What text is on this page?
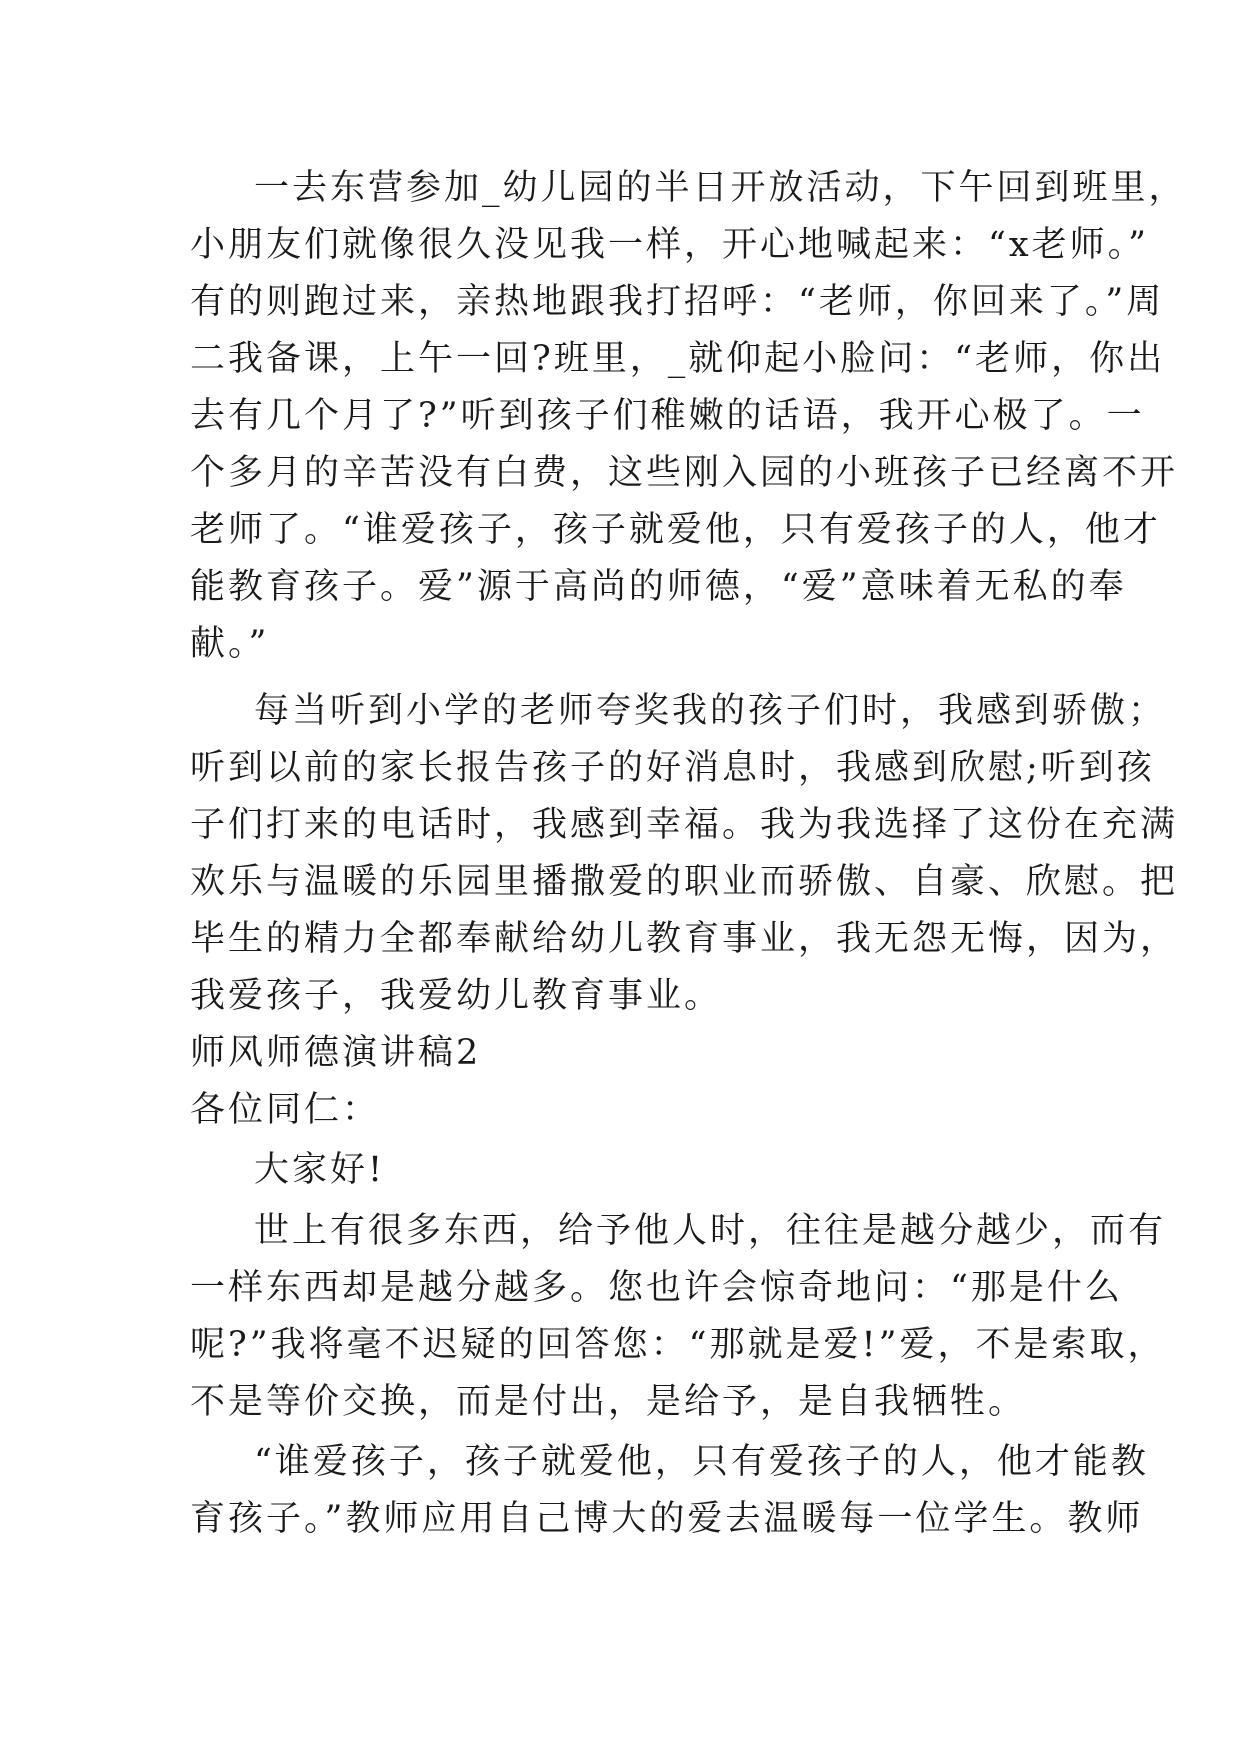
一去东营参加_幼儿园的半日开放活动，下午回到班里，
小朋友们就像很久没见我一样，开心地喊起来：“x老师。”
有的则跑过来，亲热地跟我打招呼：“老师，你回来了。”周
二我备课，上午一回?班里，_就仰起小脸问：“老师，你出
去有几个月了?”听到孩子们稚嫩的话语，我开心极了。一
个多月的辛苦没有白费，这些刚入园的小班孩子已经离不开
老师了。“谁爱孩子，孩子就爱他，只有爱孩子的人，他才
能教育孩子。爱”源于高尚的师德，“爱”意味着无私的奉
献。”
每当听到小学的老师夸奖我的孩子们时，我感到骄傲；
听到以前的家长报告孩子的好消息时，我感到欣慰;听到孩
子们打来的电话时，我感到幸福。我为我选择了这份在充满
欢乐与温暖的乐园里播撒爱的职业而骄傲、自豪、欣慰。把
毕生的精力全都奉献给幼儿教育事业，我无怨无悔，因为，
我爱孩子，我爱幼儿教育事业。
师风师德演讲稿2
各位同仁：
大家好!
世上有很多东西，给予他人时，往往是越分越少，而有
一样东西却是越分越多。您也许会惊奇地问：“那是什么
呢?”我将毫不迟疑的回答您：“那就是爱!”爱，不是索取，
不是等价交换，而是付出，是给予，是自我牺牲。
“谁爱孩子，孩子就爱他，只有爱孩子的人，他才能教
育孩子。”教师应用自己博大的爱去温暖每一位学生。教师
